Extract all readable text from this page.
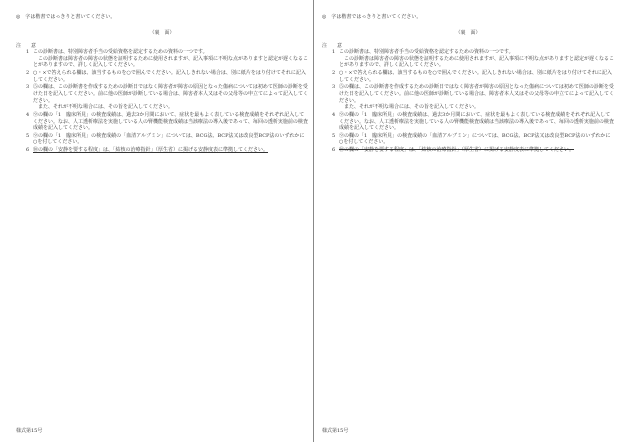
◎　字は楷書ではっきりと書いてください。
（裏　面）
注　　意
1 この診断書は、特別障害者手当の受給資格を認定するための資料の一つです。

この診断書は障害者の障害の状態を証明するために使用されますが、記入事項に不明な点がありますと認定が遅くなることがありますので、詳しく記入してください。

2 ○・×で答えられる欄は、該当するものを○で囲んでください。記入しきれない場合は、別に紙片をはり付けてそれに記入してください。

3 ⑤の欄は、この診断書を作成するための診断日ではなく障害者が障害の原因となった傷病については初めて医師の診断を受けた日を記入してください。前に他の医師が診断している場合は、障害者本人又はその父母等の申立てによって記入してください。

また、それが不明な場合には、その旨を記入してください。

4 ⑨の欄の「1　臨床所見」の検査成績は、過去3か月間において、症状を最もよく表している検査成績をそれぞれ記入してください。なお、人工透析療法を実施している人の腎機能検査成績は当該療法の導入後であって、毎回の透析実施前の検査成績を記入してください。

5 ⑨の欄の「1　臨床所見」の検査成績の「血清アルブミン」については、BCG法、BCP法又は改良型BCP法のいずれかに○を付してください。

6 ⑩の欄の「安静を要する程度」は、「結核の治療指針」（厚生省）に掲げる安静度表に準拠してください。

様式第15号
◎　字は楷書ではっきりと書いてください。
（裏　面）
注　　意
1 この診断書は、特別障害者手当の受給資格を認定するための資料の一つです。

この診断書は障害者の障害の状態を証明するために使用されますが、記入事項に不明な点がありますと認定が遅くなることがありますので、詳しく記入してください。

2 ○・×で答えられる欄は、該当するものを○で囲んでください。記入しきれない場合は、別に紙片をはり付けてそれに記入してください。

3 ⑤の欄は、この診断書を作成するための診断日ではなく障害者が障害の原因となった傷病については初めて医師の診断を受けた日を記入してください。前に他の医師が診断している場合は、障害者本人又はその父母等の申立てによって記入してください。

また、それが不明な場合には、その旨を記入してください。

4 ⑨の欄の「1　臨床所見」の検査成績は、過去3か月間において、症状を最もよく表している検査成績をそれぞれ記入してください。なお、人工透析療法を実施している人の腎機能検査成績は当該療法の導入後であって、毎回の透析実施前の検査成績を記入してください。

5 ⑨の欄の「1　臨床所見」の検査成績の「血清アルブミン」については、BCG法、BCP法又は改良型BCP法のいずれかに○を付してください。

6 ⑩の欄の「安静を要する程度」は、「結核の治療指針」（厚生省）に掲げる安静度表に準拠してください。

様式第15号
